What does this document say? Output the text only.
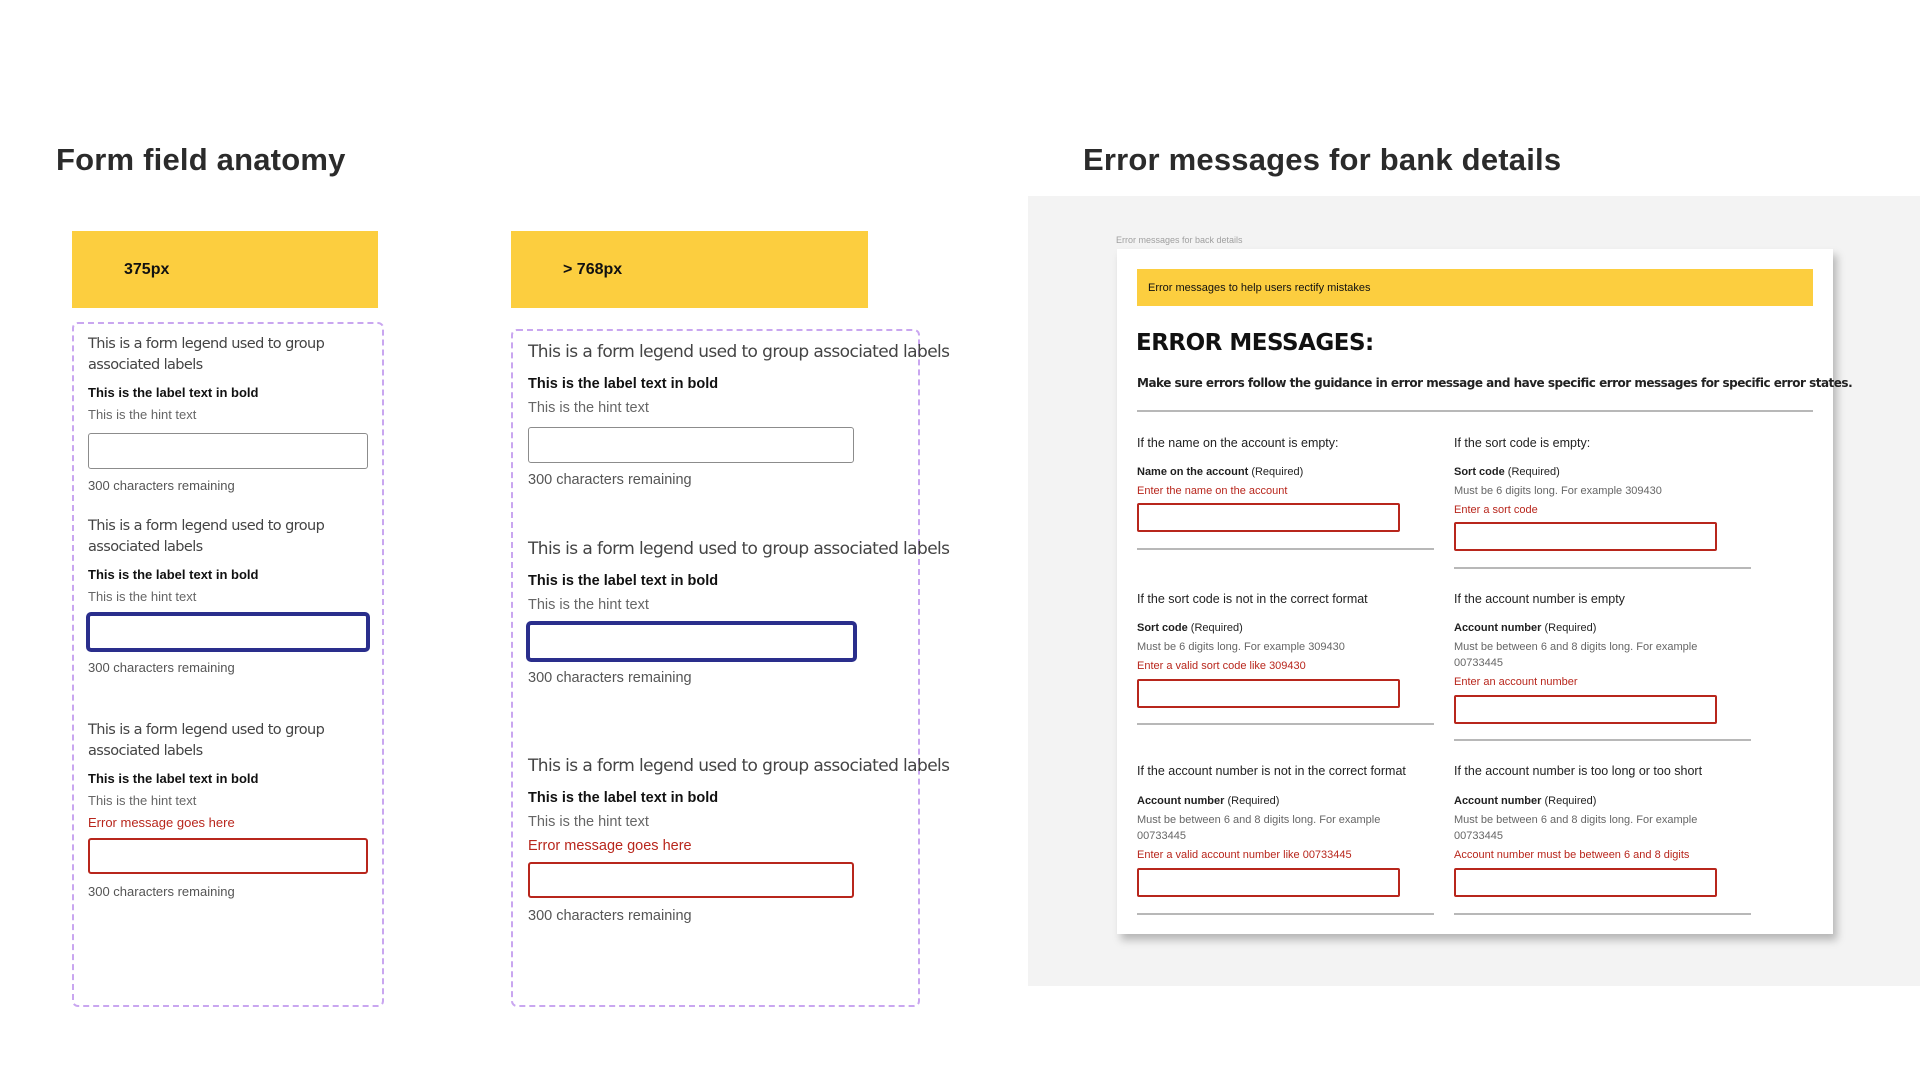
Form field anatomy	Error messages for bank details
375px
This is a form legend used to group associated labels
This is the label text in bold
This is the hint text
300 characters remaining
This is a form legend used to group associated labels
This is the label text in bold
This is the hint text
300 characters remaining
This is a form legend used to group associated labels
This is the label text in bold
This is the hint text
Error message goes here
300 characters remaining
> 768px
This is a form legend used to group associated labels
This is the label text in bold
This is the hint text
300 characters remaining
This is a form legend used to group associated labels
This is the label text in bold
This is the hint text
300 characters remaining
This is a form legend used to group associated labels
This is the label text in bold
This is the hint text
Error message goes here
300 characters remaining
Error messages for back details
Error messages to help users rectify mistakes
ERROR MESSAGES:
Make sure errors follow the guidance in error message and have specific error messages for specific error states.
If the name on the account is empty:
Name on the account (Required)
Enter the name on the account
If the sort code is empty:
Sort code (Required)
Must be 6 digits long. For example 309430
Enter a sort code
If the sort code is not in the correct format
Sort code (Required)
Must be 6 digits long. For example 309430
Enter a valid sort code like 309430
If the account number is empty
Account number (Required)
Must be between 6 and 8 digits long. For example
00733445
Enter an account number
If the account number is not in the correct format
Account number (Required)
Must be between 6 and 8 digits long. For example
00733445
Enter a valid account number like 00733445
If the account number is too long or too short
Account number (Required)
Must be between 6 and 8 digits long. For example
00733445
Account number must be between 6 and 8 digits
